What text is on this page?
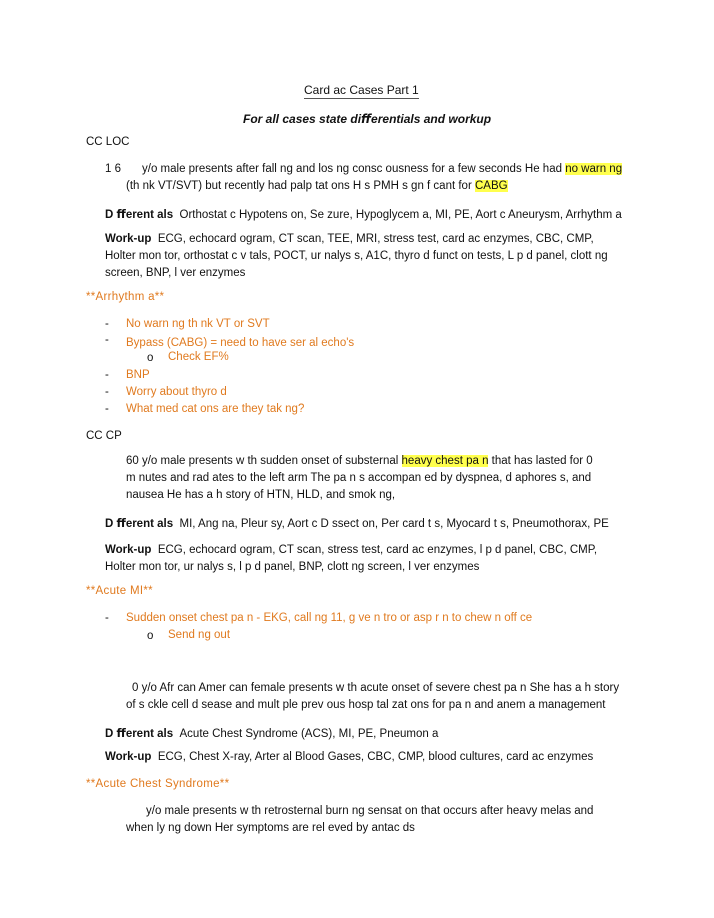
Card ac Cases Part 1
For all cases state diﬀerentials and workup
CC LOC
1 6 y/o male presents after fall ng and los ng consc ousness for a few seconds He had no warn ng
(th nk VT/SVT) but recently had palp tat ons H s PMH s gn f cant for CABG
D ﬀerent als Orthostat c Hypotens on, Se zure, Hypoglycem a, MI, PE, Aort c Aneurysm, Arrhythm a

Work-up ECG, echocard ogram, CT scan, TEE, MRI, stress test, card ac enzymes, CBC, CMP, Holter mon tor, orthostat c v tals, POCT, ur nalys s, A1C, thyro d funct on tests, L p d panel, clott ng screen, BNP, l ver enzymes

**Arrhythm a**
- No warn ng th nk VT or SVT
- Bypass (CABG) = need to have ser al echo's
o Check EF%
- BNP
- Worry about thyro d
- What med cat ons are they tak ng?
CC CP
60 y/o male presents w th sudden onset of substernal heavy chest pa n that has lasted for 0
m nutes and rad ates to the left arm The pa n s accompan ed by dyspnea, d aphores s, and
nausea He has a h story of HTN, HLD, and smok ng,
D ﬀerent als MI, Ang na, Pleur sy, Aort c D ssect on, Per card t s, Myocard t s, Pneumothorax, PE

Work-up ECG, echocard ogram, CT scan, stress test, card ac enzymes, l p d panel, CBC, CMP, Holter mon tor, ur nalys s, l p d panel, BNP, clott ng screen, l ver enzymes

**Acute MI**
- Sudden onset chest pa n - EKG, call ng 11, g ve n tro or asp r n to chew n off ce
o Send ng out
0 y/o Afr can Amer can female presents w th acute onset of severe chest pa n She has a h story
of s ckle cell d sease and mult ple prev ous hosp tal zat ons for pa n and anem a management
D ﬀerent als Acute Chest Syndrome (ACS), MI, PE, Pneumon a
Work-up ECG, Chest X-ray, Arter al Blood Gases, CBC, CMP, blood cultures, card ac enzymes
**Acute Chest Syndrome**
y/o male presents w th retrosternal burn ng sensat on that occurs after heavy melas and
when ly ng down Her symptoms are rel eved by antac ds
